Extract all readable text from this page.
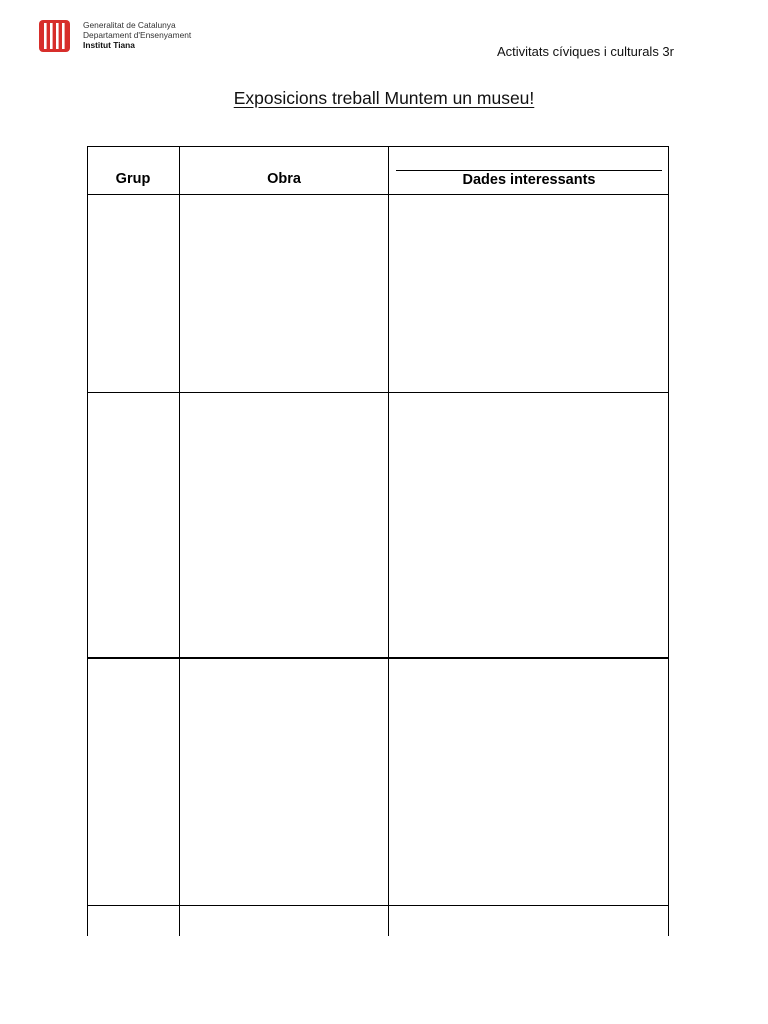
Generalitat de Catalunya
Departament d'Ensenyament
Institut Tiana	Activitats cíviques i culturals 3r
Exposicions treball Muntem un museu!
Grup	Obra	Dades interessants
